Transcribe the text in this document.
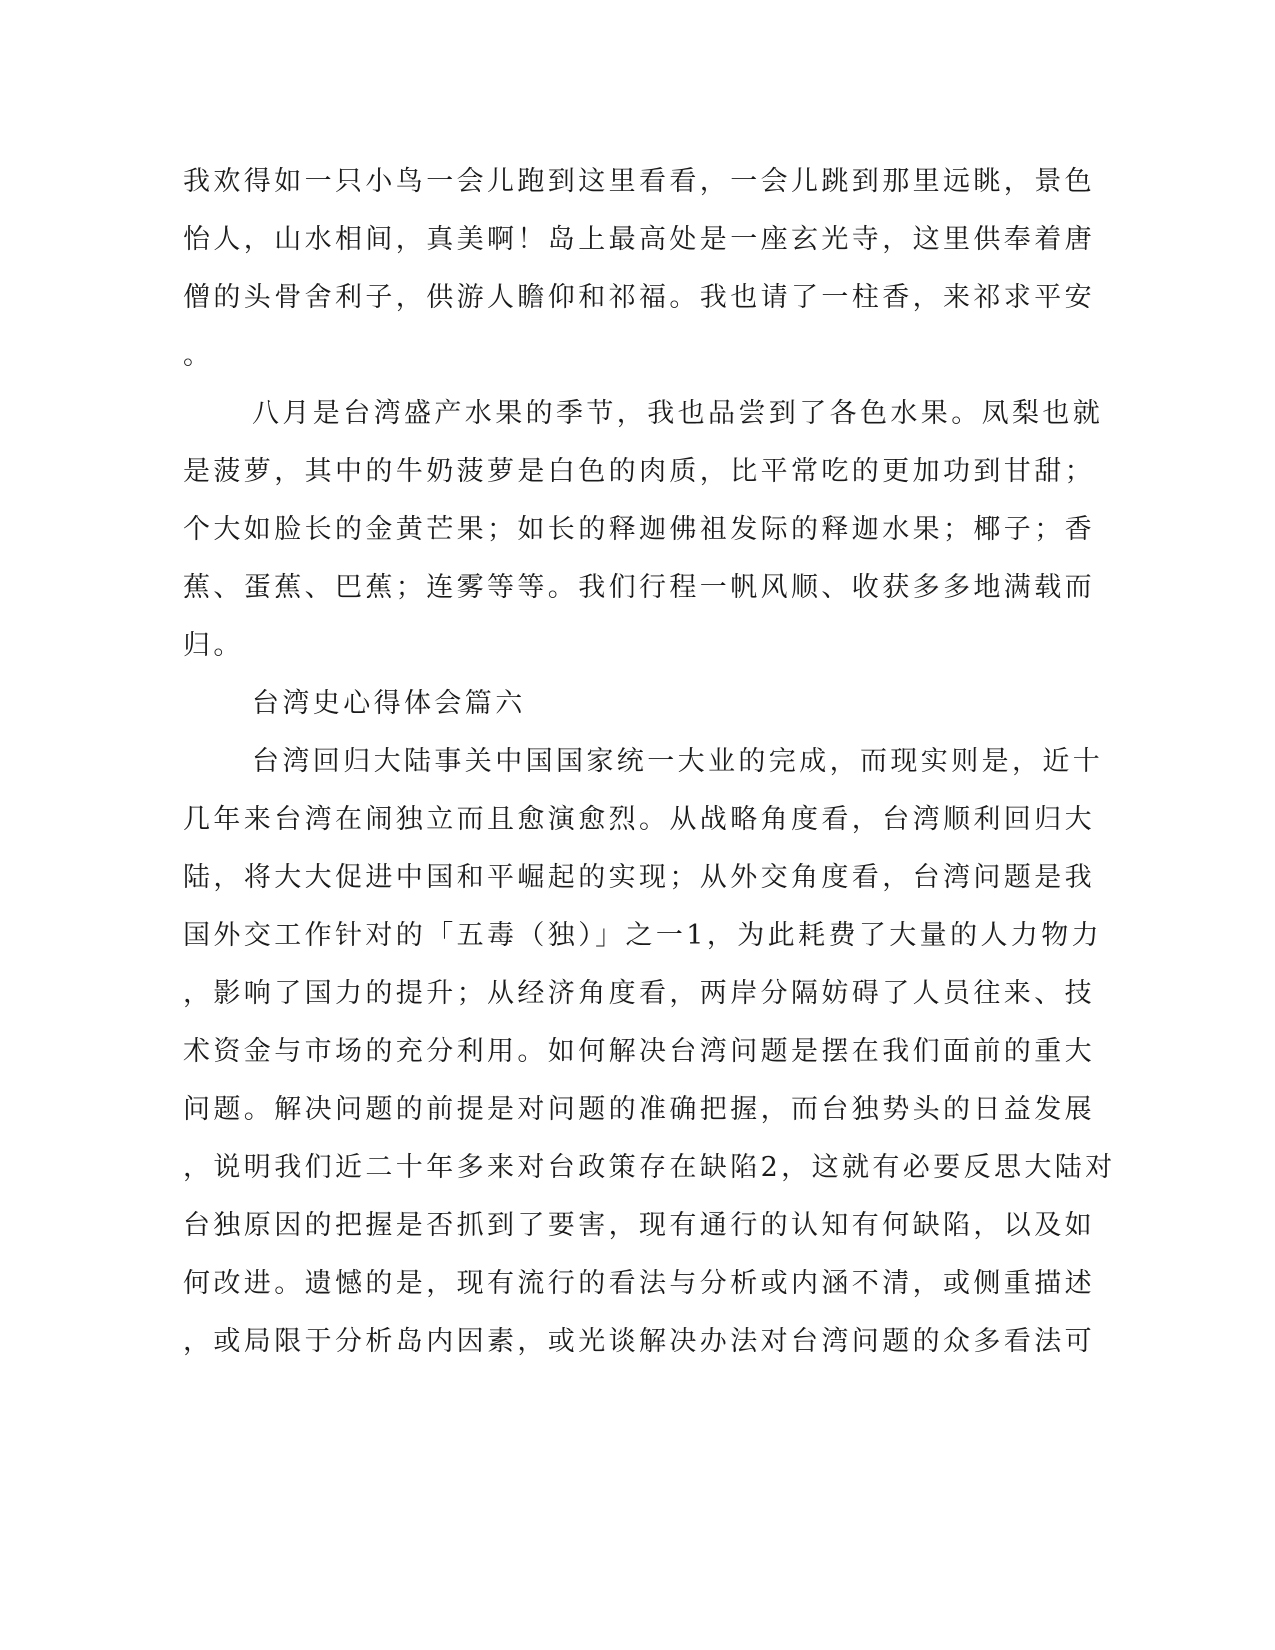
我欢得如一只小鸟一会儿跑到这里看看，一会儿跳到那里远眺，景色
怡人，山水相间，真美啊！岛上最高处是一座玄光寺，这里供奉着唐
僧的头骨舍利子，供游人瞻仰和祁福。我也请了一柱香，来祁求平安
。
八月是台湾盛产水果的季节，我也品尝到了各色水果。凤梨也就
是菠萝，其中的牛奶菠萝是白色的肉质，比平常吃的更加功到甘甜；
个大如脸长的金黄芒果；如长的释迦佛祖发际的释迦水果；椰子；香
蕉、蛋蕉、巴蕉；连雾等等。我们行程一帆风顺、收获多多地满载而
归。
台湾史心得体会篇六
台湾回归大陆事关中国国家统一大业的完成，而现实则是，近十
几年来台湾在闹独立而且愈演愈烈。从战略角度看，台湾顺利回归大
陆，将大大促进中国和平崛起的实现；从外交角度看，台湾问题是我
国外交工作针对的「五毒（独）」之一1，为此耗费了大量的人力物力
，影响了国力的提升；从经济角度看，两岸分隔妨碍了人员往来、技
术资金与市场的充分利用。如何解决台湾问题是摆在我们面前的重大
问题。解决问题的前提是对问题的准确把握，而台独势头的日益发展
，说明我们近二十年多来对台政策存在缺陷2，这就有必要反思大陆对
台独原因的把握是否抓到了要害，现有通行的认知有何缺陷，以及如
何改进。遗憾的是，现有流行的看法与分析或内涵不清，或侧重描述
，或局限于分析岛内因素，或光谈解决办法对台湾问题的众多看法可
